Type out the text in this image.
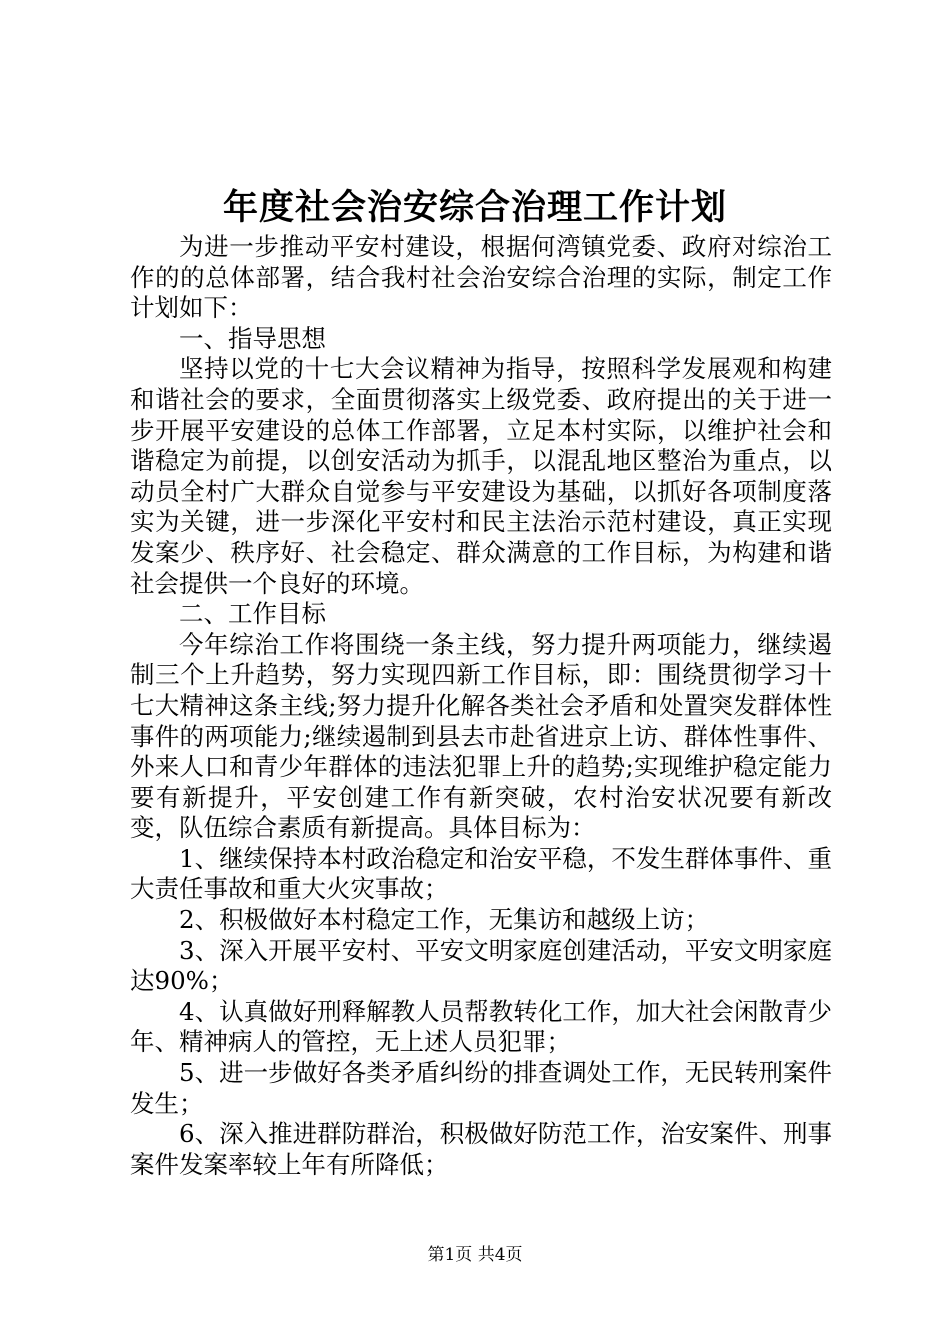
年度社会治安综合治理工作计划

为进一步推动平安村建设，根据何湾镇党委、政府对综治工作的的总体部署，结合我村社会治安综合治理的实际，制定工作计划如下：

一、指导思想

坚持以党的十七大会议精神为指导，按照科学发展观和构建和谐社会的要求，全面贯彻落实上级党委、政府提出的关于进一步开展平安建设的总体工作部署，立足本村实际，以维护社会和谐稳定为前提，以创安活动为抓手，以混乱地区整治为重点，以动员全村广大群众自觉参与平安建设为基础，以抓好各项制度落实为关键，进一步深化平安村和民主法治示范村建设，真正实现发案少、秩序好、社会稳定、群众满意的工作目标，为构建和谐社会提供一个良好的环境。

二、工作目标

今年综治工作将围绕一条主线，努力提升两项能力，继续遏制三个上升趋势，努力实现四新工作目标，即：围绕贯彻学习十七大精神这条主线;努力提升化解各类社会矛盾和处置突发群体性事件的两项能力;继续遏制到县去市赴省进京上访、群体性事件、外来人口和青少年群体的违法犯罪上升的趋势;实现维护稳定能力要有新提升，平安创建工作有新突破，农村治安状况要有新改变，队伍综合素质有新提高。具体目标为：

1、继续保持本村政治稳定和治安平稳，不发生群体事件、重大责任事故和重大火灾事故；

2、积极做好本村稳定工作，无集访和越级上访；

3、深入开展平安村、平安文明家庭创建活动，平安文明家庭达90%；

4、认真做好刑释解教人员帮教转化工作，加大社会闲散青少年、精神病人的管控，无上述人员犯罪；

5、进一步做好各类矛盾纠纷的排查调处工作，无民转刑案件发生；

6、深入推进群防群治，积极做好防范工作，治安案件、刑事案件发案率较上年有所降低；

第1页 共4页
